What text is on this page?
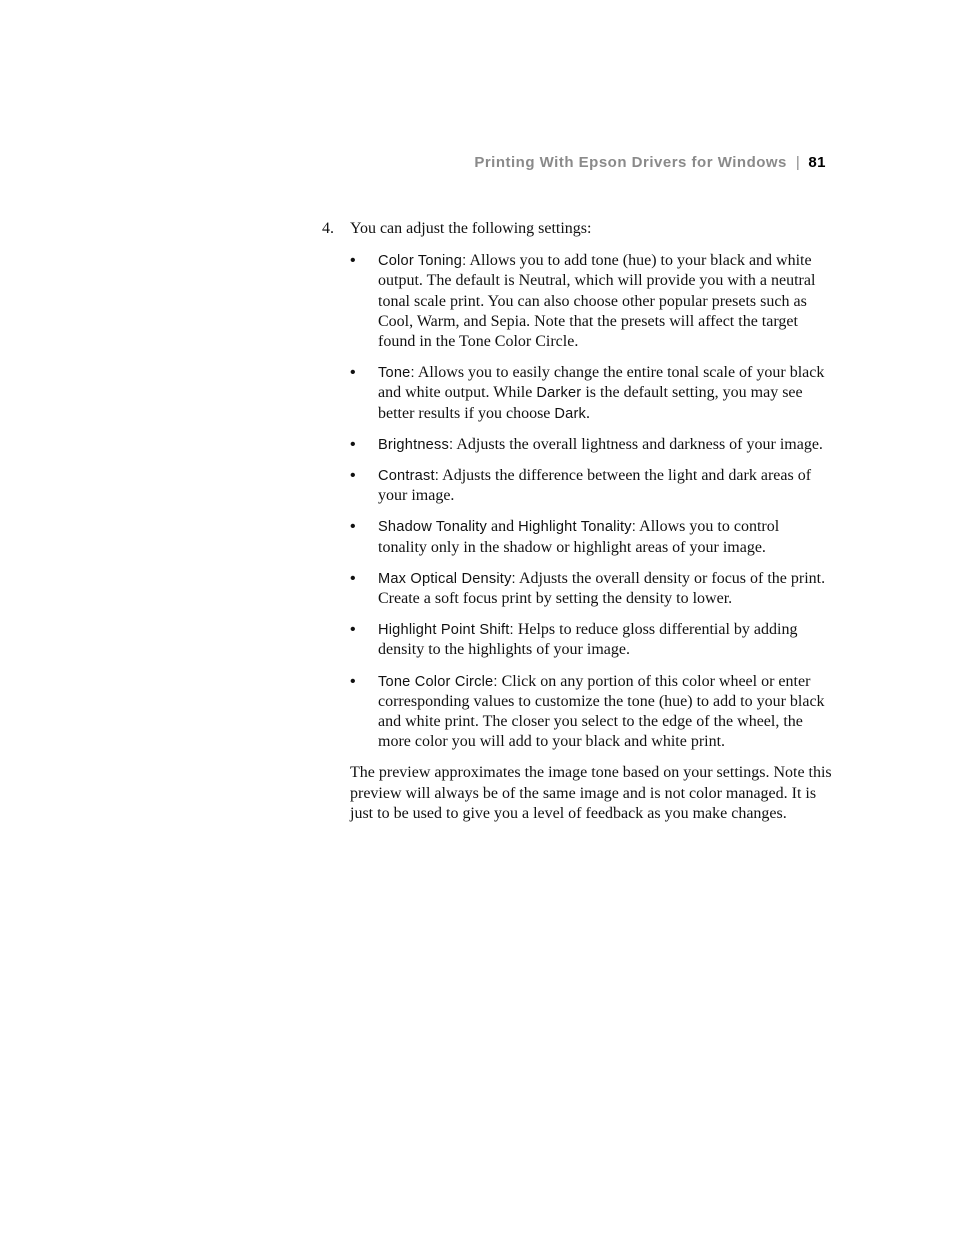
Printing With Epson Drivers for Windows | 81
4. You can adjust the following settings:
• Color Toning: Allows you to add tone (hue) to your black and white output. The default is Neutral, which will provide you with a neutral tonal scale print. You can also choose other popular presets such as Cool, Warm, and Sepia. Note that the presets will affect the target found in the Tone Color Circle.
• Tone: Allows you to easily change the entire tonal scale of your black and white output. While Darker is the default setting, you may see better results if you choose Dark.
• Brightness: Adjusts the overall lightness and darkness of your image.
• Contrast: Adjusts the difference between the light and dark areas of your image.
• Shadow Tonality and Highlight Tonality: Allows you to control tonality only in the shadow or highlight areas of your image.
• Max Optical Density: Adjusts the overall density or focus of the print. Create a soft focus print by setting the density to lower.
• Highlight Point Shift: Helps to reduce gloss differential by adding density to the highlights of your image.
• Tone Color Circle: Click on any portion of this color wheel or enter corresponding values to customize the tone (hue) to add to your black and white print. The closer you select to the edge of the wheel, the more color you will add to your black and white print.

The preview approximates the image tone based on your settings. Note this preview will always be of the same image and is not color managed. It is just to be used to give you a level of feedback as you make changes.
